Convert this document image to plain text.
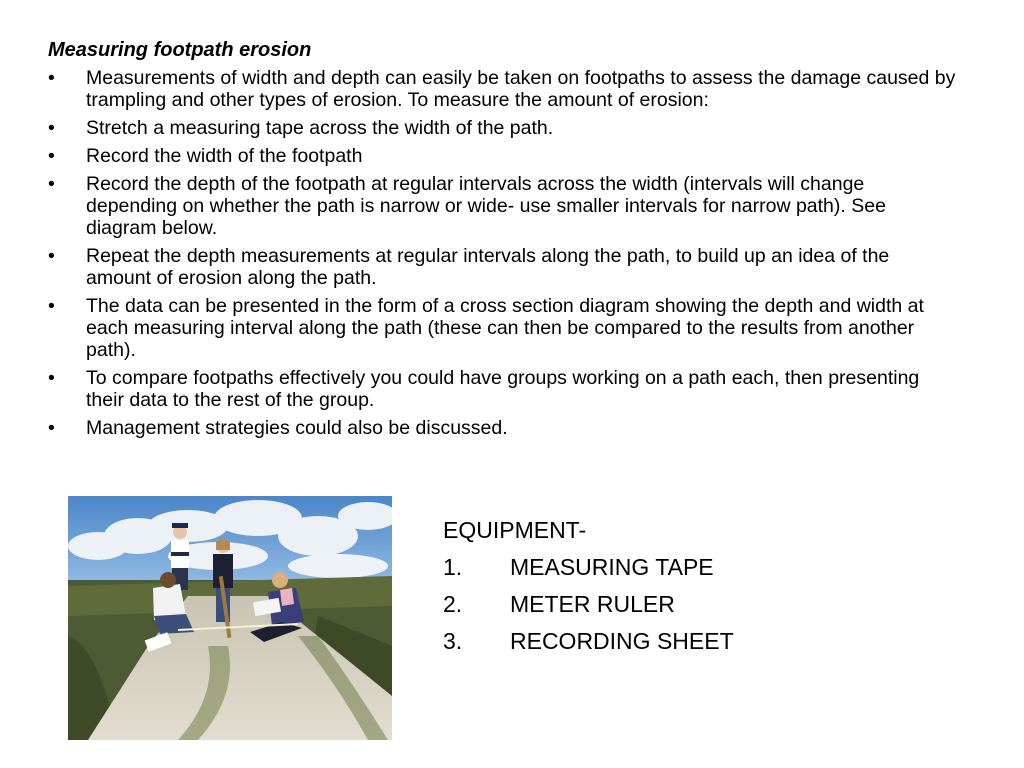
Measuring footpath erosion

• Measurements of width and depth can easily be taken on footpaths to assess the damage caused by trampling and other types of erosion. To measure the amount of erosion:
• Stretch a measuring tape across the width of the path.
• Record the width of the footpath
• Record the depth of the footpath at regular intervals across the width (intervals will change depending on whether the path is narrow or wide- use smaller intervals for narrow path). See diagram below.
• Repeat the depth measurements at regular intervals along the path, to build up an idea of the amount of erosion along the path.
• The data can be presented in the form of a cross section diagram showing the depth and width at each measuring interval along the path (these can then be compared to the results from another path).
• To compare footpaths effectively you could have groups working on a path each, then presenting their data to the rest of the group.
• Management strategies could also be discussed.
EQUIPMENT-
1. MEASURING TAPE
2. METER RULER
3. RECORDING SHEET
